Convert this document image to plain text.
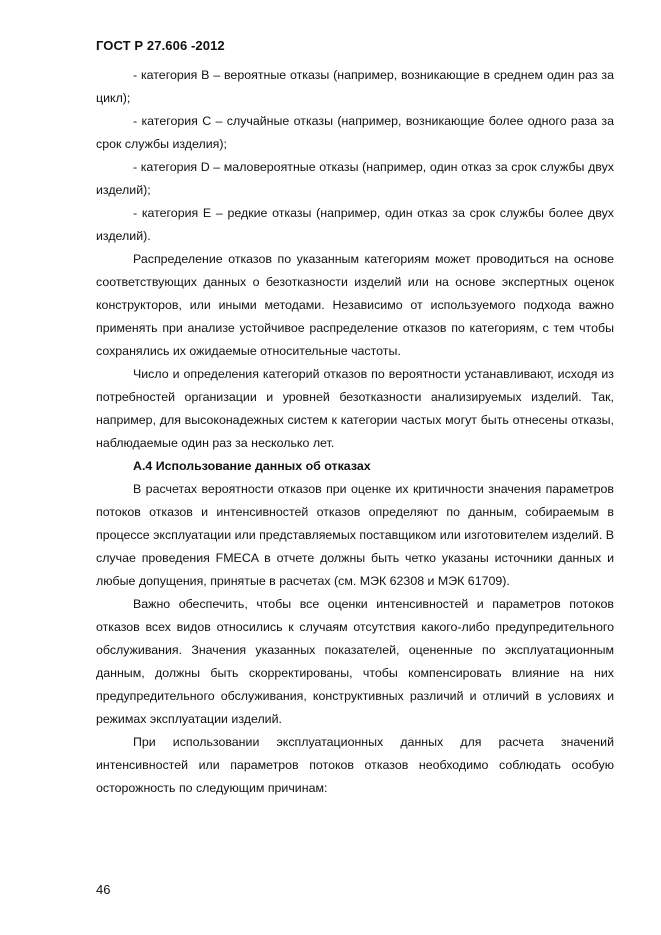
ГОСТ Р 27.606 -2012

- категория B – вероятные отказы (например, возникающие в среднем один раз за цикл);

- категория C – случайные отказы (например, возникающие более одного раза за срок службы изделия);

- категория D – маловероятные отказы (например, один отказ за срок службы двух изделий);

- категория E – редкие отказы (например, один отказ за срок службы более двух изделий).

Распределение отказов по указанным категориям может проводиться на основе соответствующих данных о безотказности изделий или на основе экспертных оценок конструкторов, или иными методами. Независимо от используемого подхода важно применять при анализе устойчивое распределение отказов по категориям, с тем чтобы сохранялись их ожидаемые относительные частоты.

Число и определения категорий отказов по вероятности устанавливают, исходя из потребностей организации и уровней безотказности анализируемых изделий. Так, например, для высоконадежных систем к категории частых могут быть отнесены отказы, наблюдаемые один раз за несколько лет.

А.4 Использование данных об отказах

В расчетах вероятности отказов при оценке их критичности значения параметров потоков отказов и интенсивностей отказов определяют по данным, собираемым в процессе эксплуатации или представляемых поставщиком или изготовителем изделий. В случае проведения FMECA в отчете должны быть четко указаны источники данных и любые допущения, принятые в расчетах (см. МЭК 62308 и МЭК 61709).

Важно обеспечить, чтобы все оценки интенсивностей и параметров потоков отказов всех видов относились к случаям отсутствия какого-либо предупредительного обслуживания. Значения указанных показателей, оцененные по эксплуатационным данным, должны быть скорректированы, чтобы компенсировать влияние на них предупредительного обслуживания, конструктивных различий и отличий в условиях и режимах эксплуатации изделий.

При использовании эксплуатационных данных для расчета значений интенсивностей или параметров потоков отказов необходимо соблюдать особую осторожность по следующим причинам:

46
